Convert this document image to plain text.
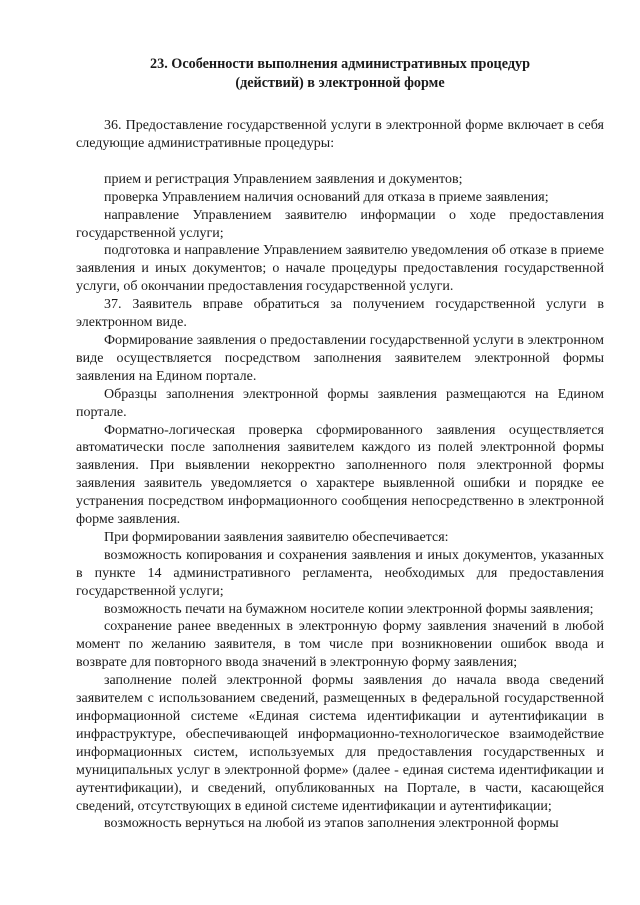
23. Особенности выполнения административных процедур
(действий) в электронной форме

36. Предоставление государственной услуги в электронной форме включает в себя следующие административные процедуры:

прием и регистрация Управлением заявления и документов;

проверка Управлением наличия оснований для отказа в приеме заявления;

направление Управлением заявителю информации о ходе предоставления государственной услуги;

подготовка и направление Управлением заявителю уведомления об отказе в приеме заявления и иных документов; о начале процедуры предоставления государственной услуги, об окончании предоставления государственной услуги.

37. Заявитель вправе обратиться за получением государственной услуги в электронном виде.

Формирование заявления о предоставлении государственной услуги в электронном виде осуществляется посредством заполнения заявителем электронной формы заявления на Едином портале.

Образцы заполнения электронной формы заявления размещаются на Едином портале.

Форматно-логическая проверка сформированного заявления осуществляется автоматически после заполнения заявителем каждого из полей электронной формы заявления. При выявлении некорректно заполненного поля электронной формы заявления заявитель уведомляется о характере выявленной ошибки и порядке ее устранения посредством информационного сообщения непосредственно в электронной форме заявления.

При формировании заявления заявителю обеспечивается:

возможность копирования и сохранения заявления и иных документов, указанных в пункте 14 административного регламента, необходимых для предоставления государственной услуги;

возможность печати на бумажном носителе копии электронной формы заявления;

сохранение ранее введенных в электронную форму заявления значений в любой момент по желанию заявителя, в том числе при возникновении ошибок ввода и возврате для повторного ввода значений в электронную форму заявления;

заполнение полей электронной формы заявления до начала ввода сведений заявителем с использованием сведений, размещенных в федеральной государственной информационной системе «Единая система идентификации и аутентификации в инфраструктуре, обеспечивающей информационно-технологическое взаимодействие информационных систем, используемых для предоставления государственных и муниципальных услуг в электронной форме» (далее - единая система идентификации и аутентификации), и сведений, опубликованных на Портале, в части, касающейся сведений, отсутствующих в единой системе идентификации и аутентификации;

возможность вернуться на любой из этапов заполнения электронной формы
